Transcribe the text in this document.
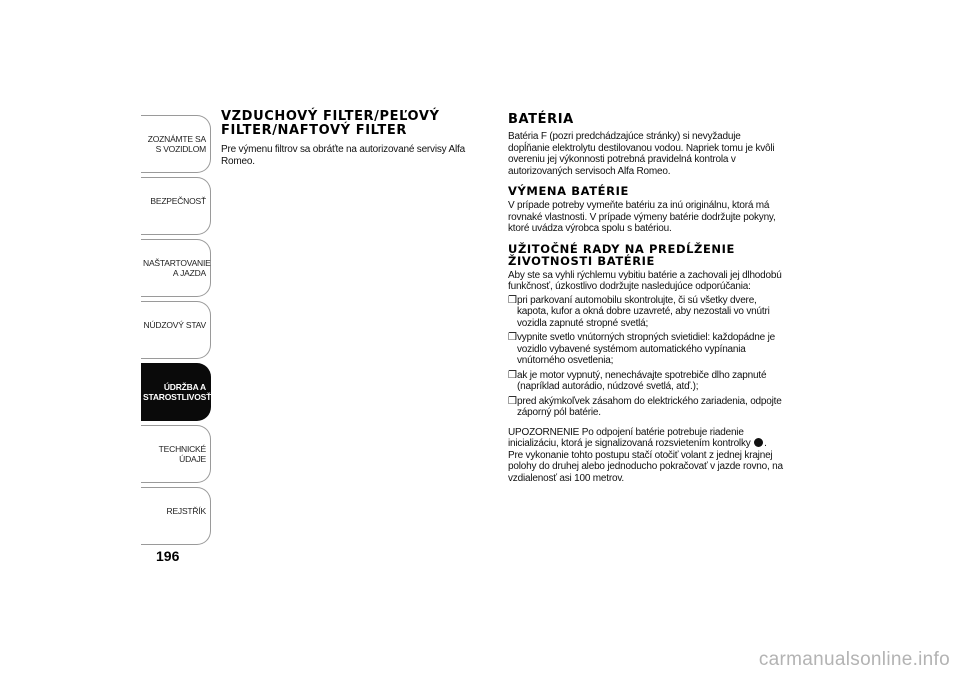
ZOZNÁMTE SA S VOZIDLOM
BEZPEČNOSŤ
NAŠTARTOVANIE A JAZDA
NÚDZOVÝ STAV
ÚDRŽBA A STAROSTLIVOSŤ
TECHNICKÉ ÚDAJE
REJSTŘÍK
196
VZDUCHOVÝ FILTER/PEĽOVÝ FILTER/NAFTOVÝ FILTER

Pre výmenu filtrov sa obráťte na autorizované servisy Alfa Romeo.

BATÉRIA

Batéria F (pozri predchádzajúce stránky) si nevyžaduje dopĺňanie elektrolytu destilovanou vodou. Napriek tomu je kvôli overeniu jej výkonnosti potrebná pravidelná kontrola v autorizovaných servisoch Alfa Romeo.

VÝMENA BATÉRIE

V prípade potreby vymeňte batériu za inú originálnu, ktorá má rovnaké vlastnosti. V prípade výmeny batérie dodržujte pokyny, ktoré uvádza výrobca spolu s batériou.

UŽITOČNÉ RADY NA PREDĹŽENIE ŽIVOTNOSTI BATÉRIE

Aby ste sa vyhli rýchlemu vybitiu batérie a zachovali jej dlhodobú funkčnosť, úzkostlivo dodržujte nasledujúce odporúčania:

❒ pri parkovaní automobilu skontrolujte, či sú všetky dvere, kapota, kufor a okná dobre uzavreté, aby nezostali vo vnútri vozidla zapnuté stropné svetlá;
❒ vypnite svetlo vnútorných stropných svietidiel: každopádne je vozidlo vybavené systémom automatického vypínania vnútorného osvetlenia;
❒ ak je motor vypnutý, nenechávajte spotrebiče dlho zapnuté (napríklad autorádio, núdzové svetlá, atď.);
❒ pred akýmkoľvek zásahom do elektrického zariadenia, odpojte záporný pól batérie.

UPOZORNENIE Po odpojení batérie potrebuje riadenie inicializáciu, ktorá je signalizovaná rozsvietením kontrolky . Pre vykonanie tohto postupu stačí otočiť volant z jednej krajnej polohy do druhej alebo jednoducho pokračovať v jazde rovno, na vzdialenosť asi 100 metrov.

carmanualsonline.info
